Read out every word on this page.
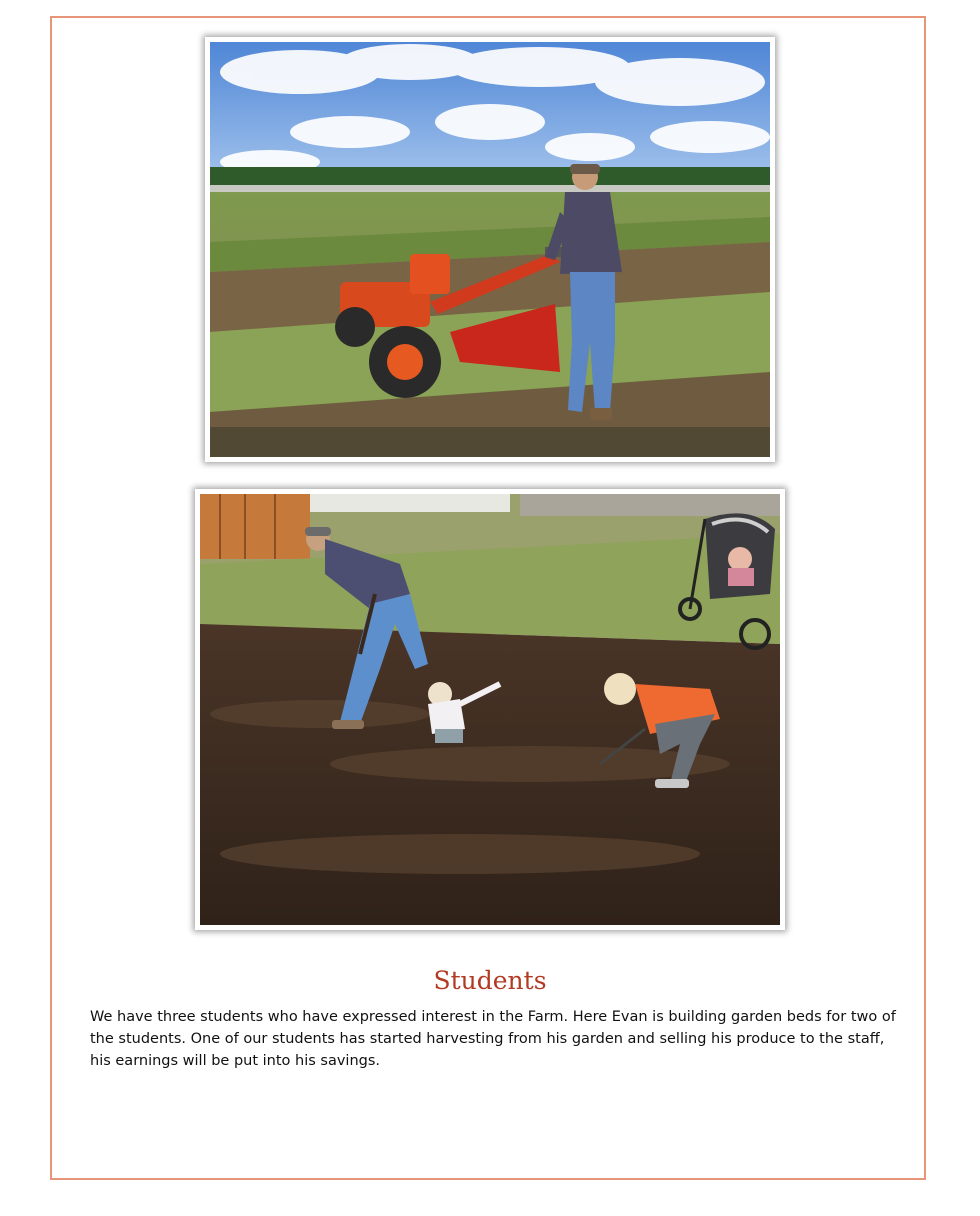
Students

We have three students who have expressed interest in the Farm. Here Evan is building garden beds for two of the students. One of our students has started harvesting from his garden and selling his produce to the staff, his earnings will be put into his savings.
